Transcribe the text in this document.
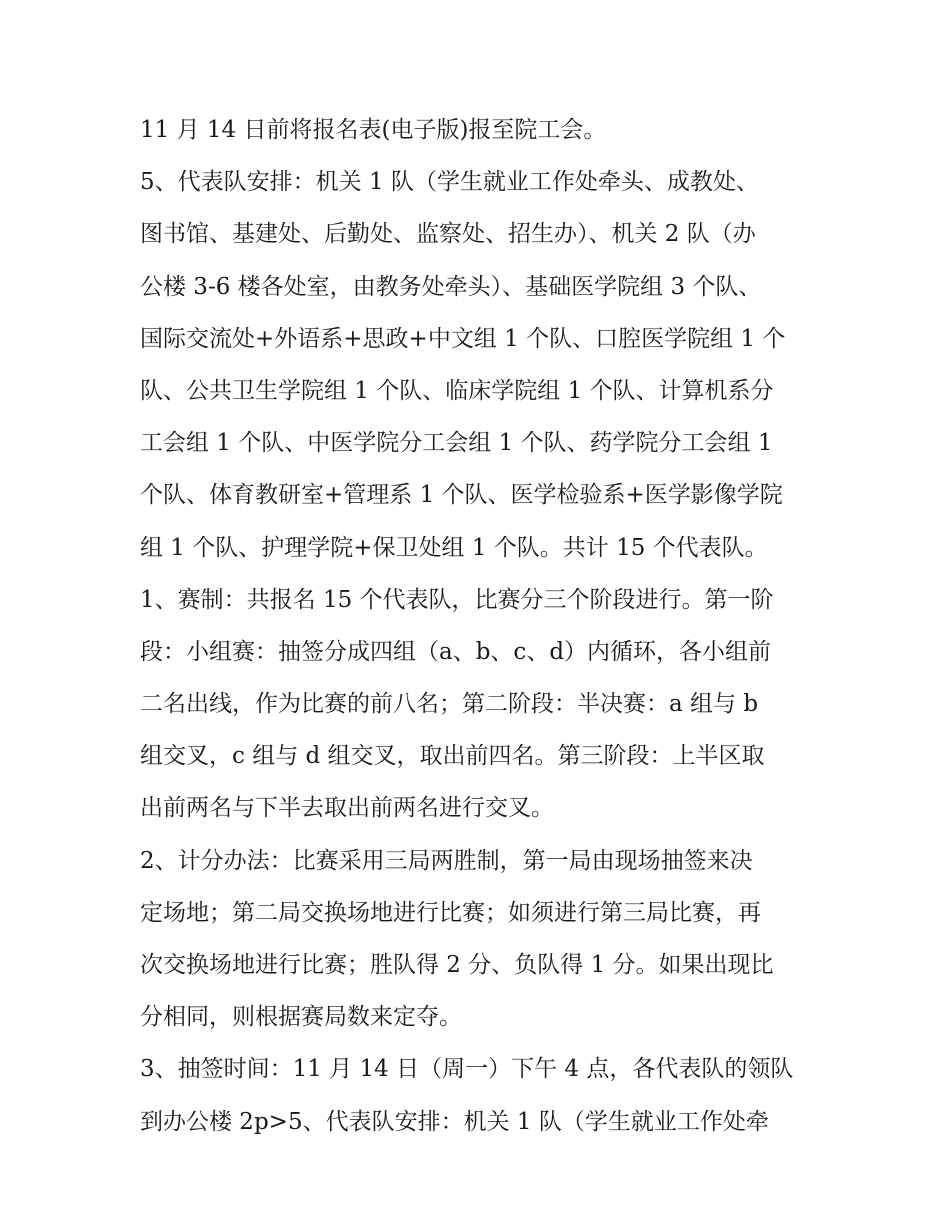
11 月 14 日前将报名表(电子版)报至院工会。
5、代表队安排：机关 1 队（学生就业工作处牵头、成教处、
图书馆、基建处、后勤处、监察处、招生办）、机关 2 队（办
公楼 3-6 楼各处室，由教务处牵头）、基础医学院组 3 个队、
国际交流处+外语系+思政+中文组 1 个队、口腔医学院组 1 个
队、公共卫生学院组 1 个队、临床学院组 1 个队、计算机系分
工会组 1 个队、中医学院分工会组 1 个队、药学院分工会组 1
个队、体育教研室+管理系 1 个队、医学检验系+医学影像学院
组 1 个队、护理学院+保卫处组 1 个队。共计 15 个代表队。
1、赛制：共报名 15 个代表队，比赛分三个阶段进行。第一阶
段：小组赛：抽签分成四组（a、b、c、d）内循环，各小组前
二名出线，作为比赛的前八名；第二阶段：半决赛：a 组与 b
组交叉，c 组与 d 组交叉，取出前四名。第三阶段：上半区取
出前两名与下半去取出前两名进行交叉。
2、计分办法：比赛采用三局两胜制，第一局由现场抽签来决
定场地；第二局交换场地进行比赛；如须进行第三局比赛，再
次交换场地进行比赛；胜队得 2 分、负队得 1 分。如果出现比
分相同，则根据赛局数来定夺。
3、抽签时间：11 月 14 日（周一）下午 4 点，各代表队的领队
到办公楼 2p>5、代表队安排：机关 1 队（学生就业工作处牵
